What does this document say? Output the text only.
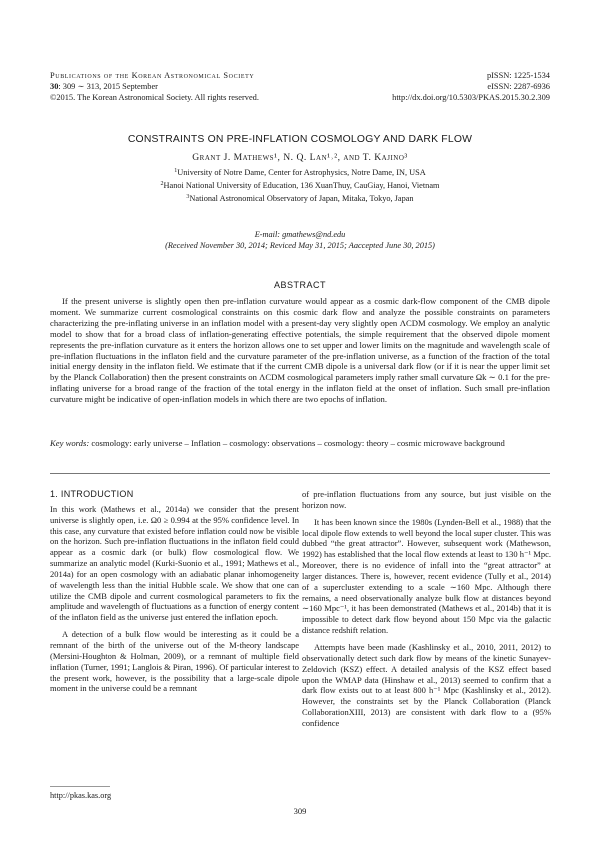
Publications of the Korean Astronomical Society
30: 309 ∼ 313, 2015 September
©2015. The Korean Astronomical Society. All rights reserved.
pISSN: 1225-1534
eISSN: 2287-6936
http://dx.doi.org/10.5303/PKAS.2015.30.2.309
CONSTRAINTS ON PRE-INFLATION COSMOLOGY AND DARK FLOW
Grant J. Mathews¹, N. Q. Lan¹˒², and T. Kajino³
$^1$University of Notre Dame, Center for Astrophysics, Notre Dame, IN, USA
$^2$Hanoi National University of Education, 136 XuanThuy, CauGiay, Hanoi, Vietnam
$^3$National Astronomical Observatory of Japan, Mitaka, Tokyo, Japan
E-mail: gmathews@nd.edu
(Received November 30, 2014; Reviced May 31, 2015; Aaccepted June 30, 2015)
ABSTRACT
If the present universe is slightly open then pre-inflation curvature would appear as a cosmic dark-flow component of the CMB dipole moment. We summarize current cosmological constraints on this cosmic dark flow and analyze the possible constraints on parameters characterizing the pre-inflating universe in an inflation model with a present-day very slightly open ΛCDM cosmology. We employ an analytic model to show that for a broad class of inflation-generating effective potentials, the simple requirement that the observed dipole moment represents the pre-inflation curvature as it enters the horizon allows one to set upper and lower limits on the magnitude and wavelength scale of pre-inflation fluctuations in the inflaton field and the curvature parameter of the pre-inflation universe, as a function of the fraction of the total initial energy density in the inflaton field. We estimate that if the current CMB dipole is a universal dark flow (or if it is near the upper limit set by the Planck Collaboration) then the present constraints on ΛCDM cosmological parameters imply rather small curvature Ωk ∼ 0.1 for the pre-inflating universe for a broad range of the fraction of the total energy in the inflaton field at the onset of inflation. Such small pre-inflation curvature might be indicative of open-inflation models in which there are two epochs of inflation.
Key words: cosmology: early universe – Inflation – cosmology: observations – cosmology: theory – cosmic microwave background
1. INTRODUCTION

In this work (Mathews et al., 2014a) we consider that the present universe is slightly open, i.e. Ω0 ≥ 0.994 at the 95% confidence level. In this case, any curvature that existed before inflation could now be visible on the horizon. Such pre-inflation fluctuations in the inflaton field could appear as a cosmic dark (or bulk) flow cosmological flow. We summarize an analytic model (Kurki-Suonio et al., 1991; Mathews et al., 2014a) for an open cosmology with an adiabatic planar inhomogeneity of wavelength less than the initial Hubble scale. We show that one can utilize the CMB dipole and current cosmological parameters to fix the amplitude and wavelength of fluctuations as a function of energy content of the inflaton field as the universe just entered the inflation epoch.

A detection of a bulk flow would be interesting as it could be a remnant of the birth of the universe out of the M-theory landscape (Mersini-Houghton & Holman, 2009), or a remnant of multiple field inflation (Turner, 1991; Langlois & Piran, 1996). Of particular interest to the present work, however, is the possibility that a large-scale dipole moment in the universe could be a remnant

of pre-inflation fluctuations from any source, but just visible on the horizon now.

It has been known since the 1980s (Lynden-Bell et al., 1988) that the local dipole flow extends to well beyond the local super cluster. This was dubbed “the great attractor”. However, subsequent work (Mathewson, 1992) has established that the local flow extends at least to 130 h⁻¹ Mpc. Moreover, there is no evidence of infall into the “great attractor” at larger distances. There is, however, recent evidence (Tully et al., 2014) of a supercluster extending to a scale ∼160 Mpc. Although there remains, a need observationally analyze bulk flow at distances beyond ∼160 Mpc⁻¹, it has been demonstrated (Mathews et al., 2014b) that it is impossible to detect dark flow beyond about 150 Mpc via the galactic distance redshift relation.

Attempts have been made (Kashlinsky et al., 2010, 2011, 2012) to observationally detect such dark flow by means of the kinetic Sunayev-Zeldovich (KSZ) effect. A detailed analysis of the KSZ effect based upon the WMAP data (Hinshaw et al., 2013) seemed to confirm that a dark flow exists out to at least 800 h⁻¹ Mpc (Kashlinsky et al., 2012). However, the constraints set by the Planck Collaboration (Planck CollaborationXIII, 2013) are consistent with dark flow to a (95% confidence

http://pkas.kas.org
309
